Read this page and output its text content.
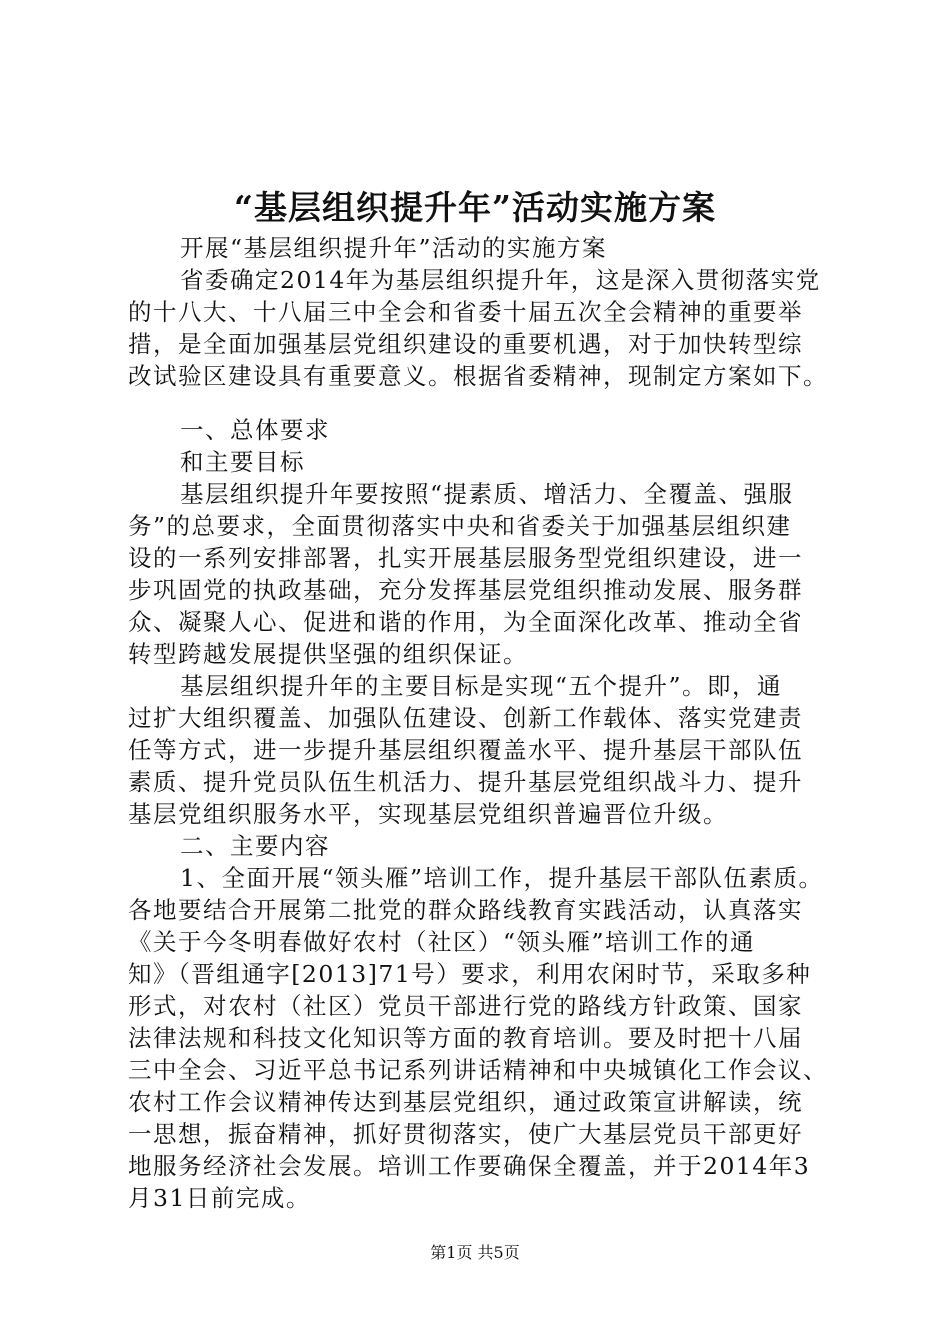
“基层组织提升年”活动实施方案
开展“基层组织提升年”活动的实施方案
省委确定2014年为基层组织提升年，这是深入贯彻落实党
的十八大、十八届三中全会和省委十届五次全会精神的重要举
措，是全面加强基层党组织建设的重要机遇，对于加快转型综
改试验区建设具有重要意义。根据省委精神，现制定方案如下。
一、总体要求
和主要目标
基层组织提升年要按照“提素质、增活力、全覆盖、强服
务”的总要求，全面贯彻落实中央和省委关于加强基层组织建
设的一系列安排部署，扎实开展基层服务型党组织建设，进一
步巩固党的执政基础，充分发挥基层党组织推动发展、服务群
众、凝聚人心、促进和谐的作用，为全面深化改革、推动全省
转型跨越发展提供坚强的组织保证。
基层组织提升年的主要目标是实现“五个提升”。即，通
过扩大组织覆盖、加强队伍建设、创新工作载体、落实党建责
任等方式，进一步提升基层组织覆盖水平、提升基层干部队伍
素质、提升党员队伍生机活力、提升基层党组织战斗力、提升
基层党组织服务水平，实现基层党组织普遍晋位升级。
二、主要内容
1、全面开展“领头雁”培训工作，提升基层干部队伍素质。
各地要结合开展第二批党的群众路线教育实践活动，认真落实
《关于今冬明春做好农村（社区）“领头雁”培训工作的通
知》（晋组通字[2013]71号）要求，利用农闲时节，采取多种
形式，对农村（社区）党员干部进行党的路线方针政策、国家
法律法规和科技文化知识等方面的教育培训。要及时把十八届
三中全会、习近平总书记系列讲话精神和中央城镇化工作会议、
农村工作会议精神传达到基层党组织，通过政策宣讲解读，统
一思想，振奋精神，抓好贯彻落实，使广大基层党员干部更好
地服务经济社会发展。培训工作要确保全覆盖，并于2014年3
月31日前完成。
第1页 共5页
